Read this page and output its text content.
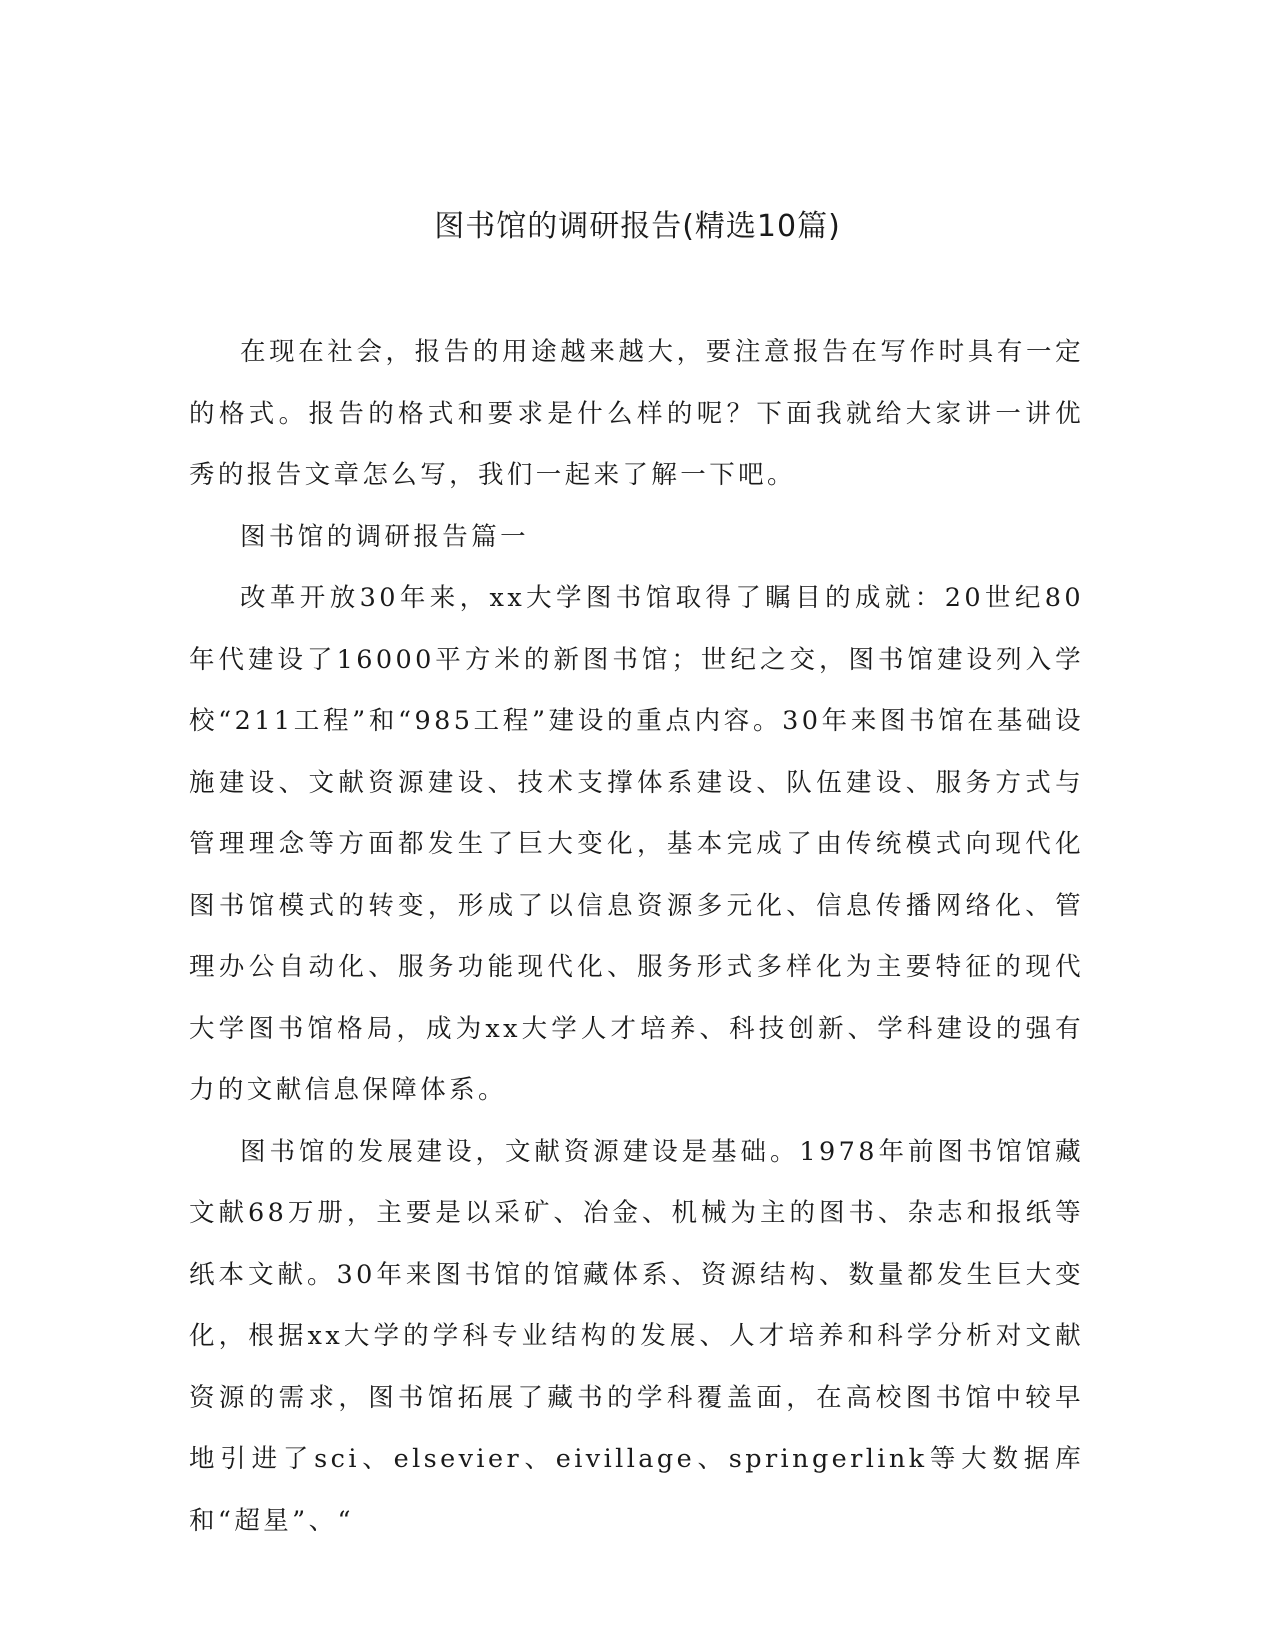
图书馆的调研报告(精选10篇)

在现在社会，报告的用途越来越大，要注意报告在写作时具有一定的格式。报告的格式和要求是什么样的呢？下面我就给大家讲一讲优秀的报告文章怎么写，我们一起来了解一下吧。

图书馆的调研报告篇一

改革开放30年来，xx大学图书馆取得了瞩目的成就：20世纪80年代建设了16000平方米的新图书馆；世纪之交，图书馆建设列入学校“211工程”和“985工程”建设的重点内容。30年来图书馆在基础设施建设、文献资源建设、技术支撑体系建设、队伍建设、服务方式与管理理念等方面都发生了巨大变化，基本完成了由传统模式向现代化图书馆模式的转变，形成了以信息资源多元化、信息传播网络化、管理办公自动化、服务功能现代化、服务形式多样化为主要特征的现代大学图书馆格局，成为xx大学人才培养、科技创新、学科建设的强有力的文献信息保障体系。

图书馆的发展建设，文献资源建设是基础。1978年前图书馆馆藏文献68万册，主要是以采矿、冶金、机械为主的图书、杂志和报纸等纸本文献。30年来图书馆的馆藏体系、资源结构、数量都发生巨大变化，根据xx大学的学科专业结构的发展、人才培养和科学分析对文献资源的需求，图书馆拓展了藏书的学科覆盖面，在高校图书馆中较早地引进了sci、elsevier、eivillage、springerlink等大数据库和“超星”、“
